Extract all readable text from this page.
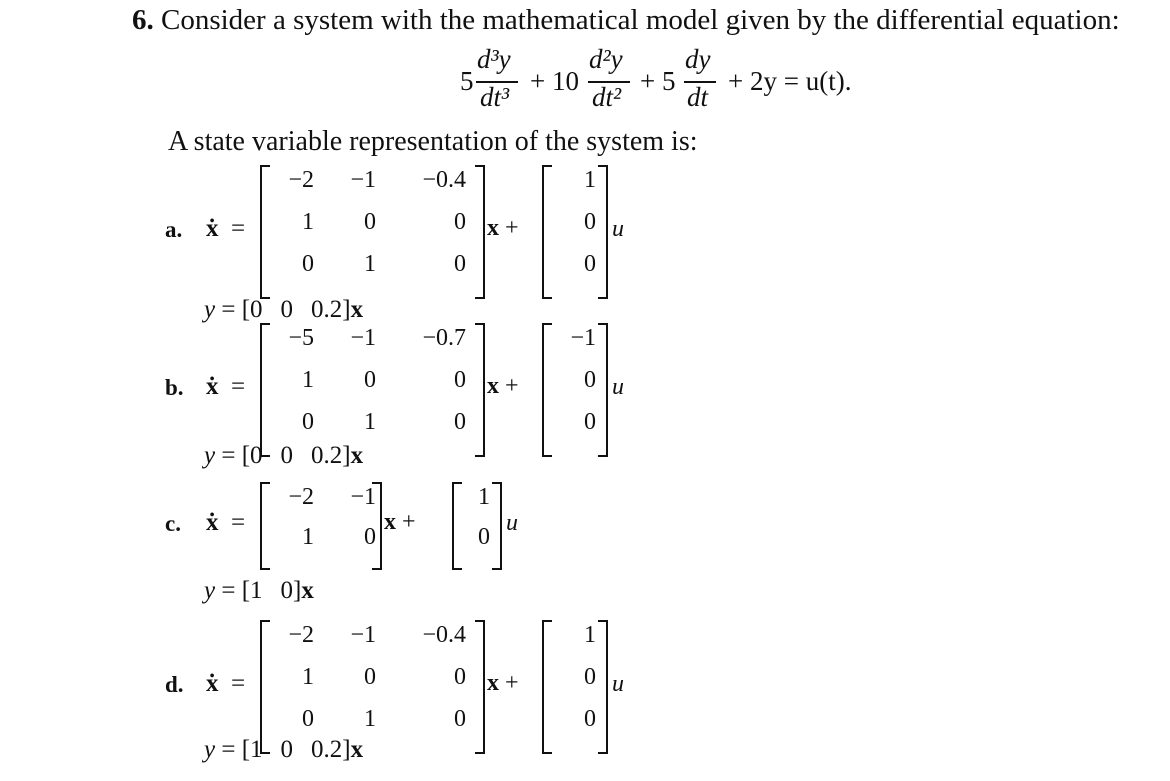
6. Consider a system with the mathematical model given by the differential equation:
5
d³y
dt³
+ 10
d²y
dt²
+ 5
dy
dt
+ 2y = u(t).
A state variable representation of the system is:
a. ẋ =
−2	−1	−0.4
1	0	0
0	1	0
x +
1
0
0
u
y = [0 0 0.2]x
b. ẋ =
−5	−1	−0.7
1	0	0
0	1	0
x +
−1
0
0
u
y = [0 0 0.2]x
c. ẋ =
−2	−1
1	0
x +
1
0
u
y = [1 0]x
d. ẋ =
−2	−1	−0.4
1	0	0
0	1	0
x +
1
0
0
u
y = [1 0 0.2]x
